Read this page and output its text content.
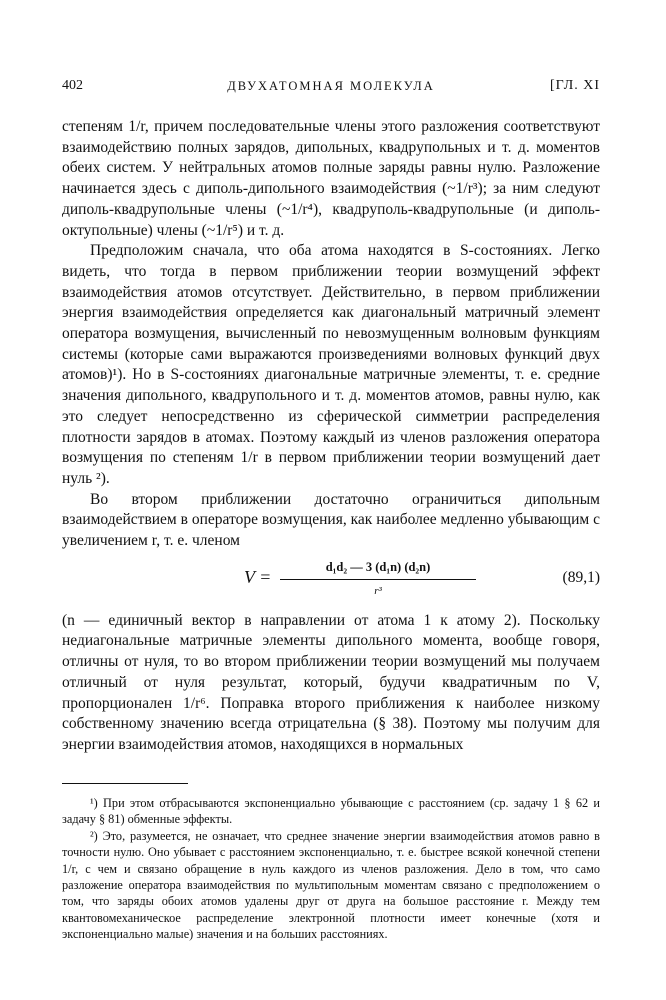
402	ДВУХАТОМНАЯ МОЛЕКУЛА	[ГЛ. XI

степеням 1/r, причем последовательные члены этого разложения соответствуют взаимодействию полных зарядов, дипольных, квадрупольных и т. д. моментов обеих систем. У нейтральных атомов полные заряды равны нулю. Разложение начинается здесь с диполь-дипольного взаимодействия (~1/r³); за ним следуют диполь-квадрупольные члены (~1/r⁴), квадруполь-квадрупольные (и диполь-октупольные) члены (~1/r⁵) и т. д.

Предположим сначала, что оба атома находятся в S-состояниях. Легко видеть, что тогда в первом приближении теории возмущений эффект взаимодействия атомов отсутствует. Действительно, в первом приближении энергия взаимодействия определяется как диагональный матричный элемент оператора возмущения, вычисленный по невозмущенным волновым функциям системы (которые сами выражаются произведениями волновых функций двух атомов)¹). Но в S-состояниях диагональные матричные элементы, т. е. средние значения дипольного, квадрупольного и т. д. моментов атомов, равны нулю, как это следует непосредственно из сферической симметрии распределения плотности зарядов в атомах. Поэтому каждый из членов разложения оператора возмущения по степеням 1/r в первом приближении теории возмущений дает нуль ²).

Во втором приближении достаточно ограничиться дипольным взаимодействием в операторе возмущения, как наиболее медленно убывающим с увеличением r, т. е. членом

V =	d₁d₂ — 3 (d₁n) (d₂n)
r³
(89,1)

(n — единичный вектор в направлении от атома 1 к атому 2). Поскольку недиагональные матричные элементы дипольного момента, вообще говоря, отличны от нуля, то во втором приближении теории возмущений мы получаем отличный от нуля результат, который, будучи квадратичным по V, пропорционален 1/r⁶. Поправка второго приближения к наиболее низкому собственному значению всегда отрицательна (§ 38). Поэтому мы получим для энергии взаимодействия атомов, находящихся в нормальных

¹) При этом отбрасываются экспоненциально убывающие с расстоянием (ср. задачу 1 § 62 и задачу § 81) обменные эффекты.

²) Это, разумеется, не означает, что среднее значение энергии взаимодействия атомов равно в точности нулю. Оно убывает с расстоянием экспоненциально, т. е. быстрее всякой конечной степени 1/r, с чем и связано обращение в нуль каждого из членов разложения. Дело в том, что само разложение оператора взаимодействия по мультипольным моментам связано с предположением о том, что заряды обоих атомов удалены друг от друга на большое расстояние r. Между тем квантовомеханическое распределение электронной плотности имеет конечные (хотя и экспоненциально малые) значения и на больших расстояниях.
